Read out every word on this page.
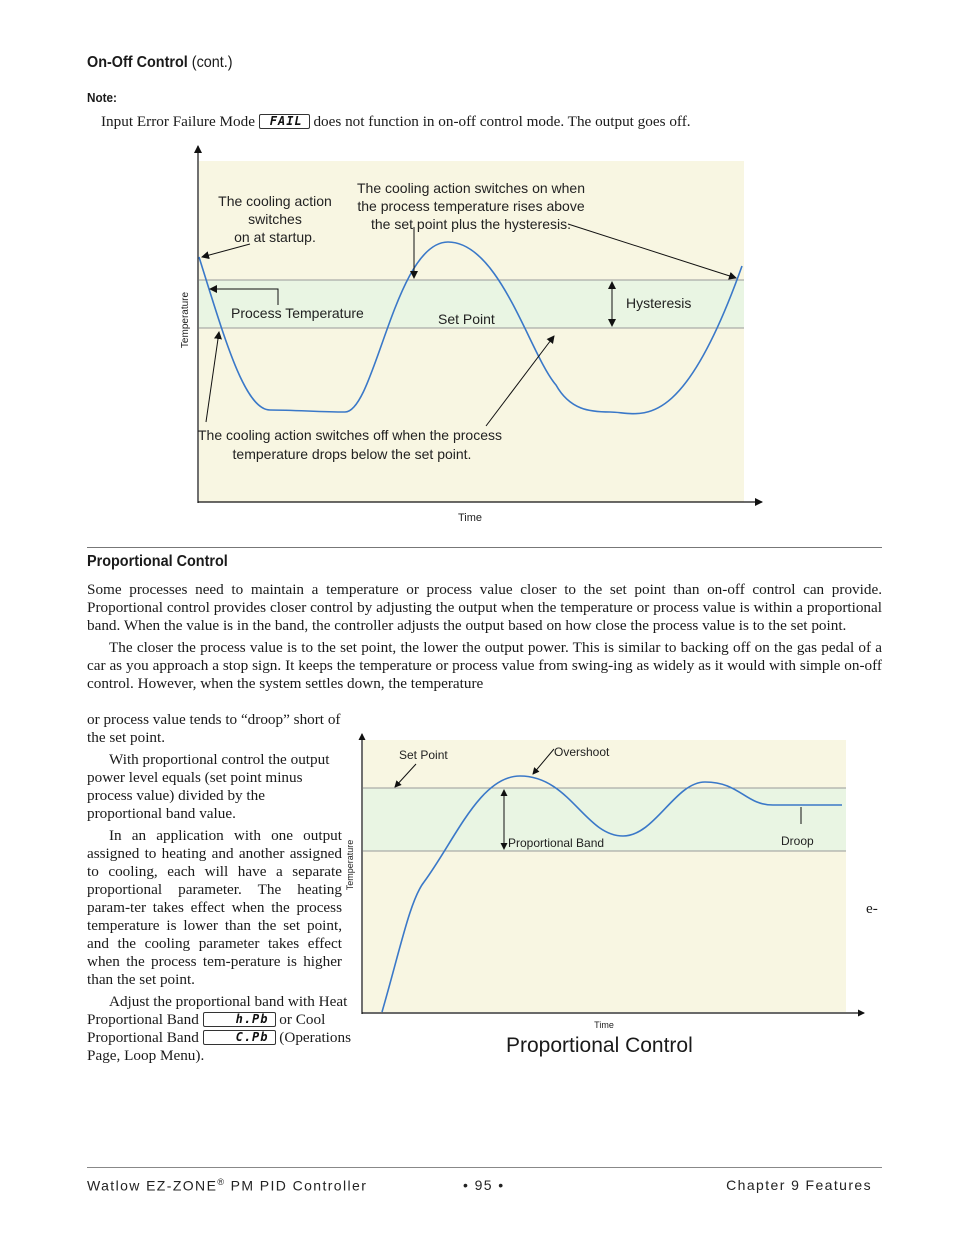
On-Off Control (cont.)
Note:
Input Error Failure Mode FAIL does not function in on-off control mode. The output goes off.
The cooling action
switches
on at startup.
The cooling action switches on when
the process temperature rises above
the set point plus the hysteresis.
Process Temperature	Set Point
Hysteresis
The cooling action switches off when the process
temperature drops below the set point.
Time
Temperature
Proportional Control

Some processes need to maintain a temperature or process value closer to the set point than on-off control can provide. Proportional control provides closer control by adjusting the output when the temperature or process value is within a proportional band. When the value is in the band, the controller adjusts the output based on how close the process value is to the set point.

The closer the process value is to the set point, the lower the output power. This is similar to backing off on the gas pedal of a car as you approach a stop sign. It keeps the temperature or process value from swing-ing as widely as it would with simple on-off control. However, when the system settles down, the temperature

or process value tends to “droop” short of the set point.

With proportional control the output power level equals (set point minus process value) divided by the proportional band value.

In an application with one output assigned to heating and another assigned to cooling, each will have a separate proportional parameter. The heating param-ter takes effect when the process temperature is lower than the set point, and the cooling parameter takes effect when the process tem-perature is higher than the set point.

Adjust the proportional band with Heat Proportional Band	h.Pb or Cool Proportional Band	C.Pb (Operations Page, Loop Menu).

e-
Set Point	Overshoot
Proportional Band	Droop
Time
Temperature
Proportional Control
Watlow EZ-ZONE® PM PID Controller	• 95 •	Chapter 9 Features
